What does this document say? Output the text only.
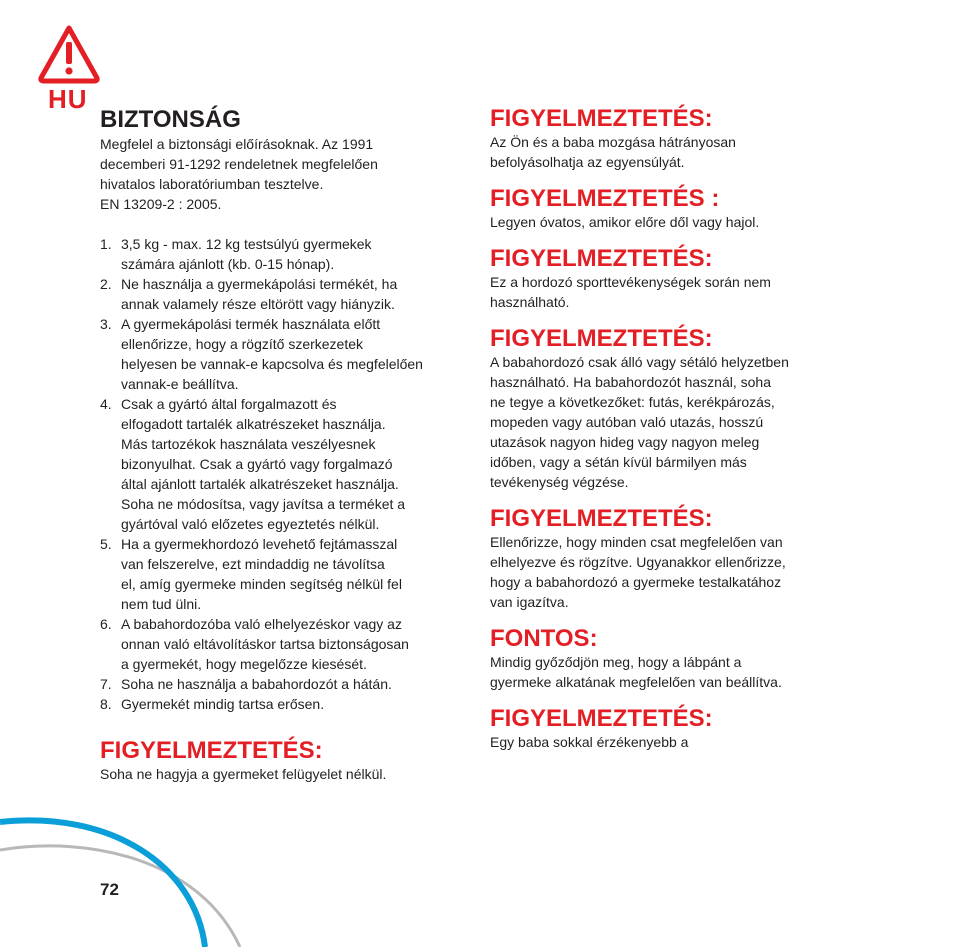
HU
BIZTONSÁG

Megfelel a biztonsági előírásoknak. Az 1991

decemberi 91-1292 rendeletnek megfelelően

hivatalos laboratóriumban tesztelve.

EN 13209-2 : 2005.

1. 3,5 kg - max. 12 kg testsúlyú gyermekek
számára ajánlott (kb. 0-15 hónap).
2. Ne használja a gyermekápolási termékét, ha
annak valamely része eltörött vagy hiányzik.
3. A gyermekápolási termék használata előtt
ellenőrizze, hogy a rögzítő szerkezetek
helyesen be vannak-e kapcsolva és megfelelően
vannak-e beállítva.
4. Csak a gyártó által forgalmazott és
elfogadott tartalék alkatrészeket használja.
Más tartozékok használata veszélyesnek
bizonyulhat. Csak a gyártó vagy forgalmazó
által ajánlott tartalék alkatrészeket használja.
Soha ne módosítsa, vagy javítsa a terméket a
gyártóval való előzetes egyeztetés nélkül.
5. Ha a gyermekhordozó levehető fejtámasszal
van felszerelve, ezt mindaddig ne távolítsa
el, amíg gyermeke minden segítség nélkül fel
nem tud ülni.
6. A babahordozóba való elhelyezéskor vagy az
onnan való eltávolításkor tartsa biztonságosan
a gyermekét, hogy megelőzze kiesését.
7. Soha ne használja a babahordozót a hátán.
8. Gyermekét mindig tartsa erősen.
FIGYELMEZTETÉS:

Soha ne hagyja a gyermeket felügyelet nélkül.

FIGYELMEZTETÉS:

Az Ön és a baba mozgása hátrányosan

befolyásolhatja az egyensúlyát.

FIGYELMEZTETÉS :

Legyen óvatos, amikor előre dől vagy hajol.

FIGYELMEZTETÉS:

Ez a hordozó sporttevékenységek során nem

használható.

FIGYELMEZTETÉS:

A babahordozó csak álló vagy sétáló helyzetben

használható. Ha babahordozót használ, soha

ne tegye a következőket: futás, kerékpározás,

mopeden vagy autóban való utazás, hosszú

utazások nagyon hideg vagy nagyon meleg

időben, vagy a sétán kívül bármilyen más

tevékenység végzése.

FIGYELMEZTETÉS:

Ellenőrizze, hogy minden csat megfelelően van

elhelyezve és rögzítve. Ugyanakkor ellenőrizze,

hogy a babahordozó a gyermeke testalkatához

van igazítva.

FONTOS:

Mindig győződjön meg, hogy a lábpánt a

gyermeke alkatának megfelelően van beállítva.

FIGYELMEZTETÉS:

Egy baba sokkal érzékenyebb a

72
